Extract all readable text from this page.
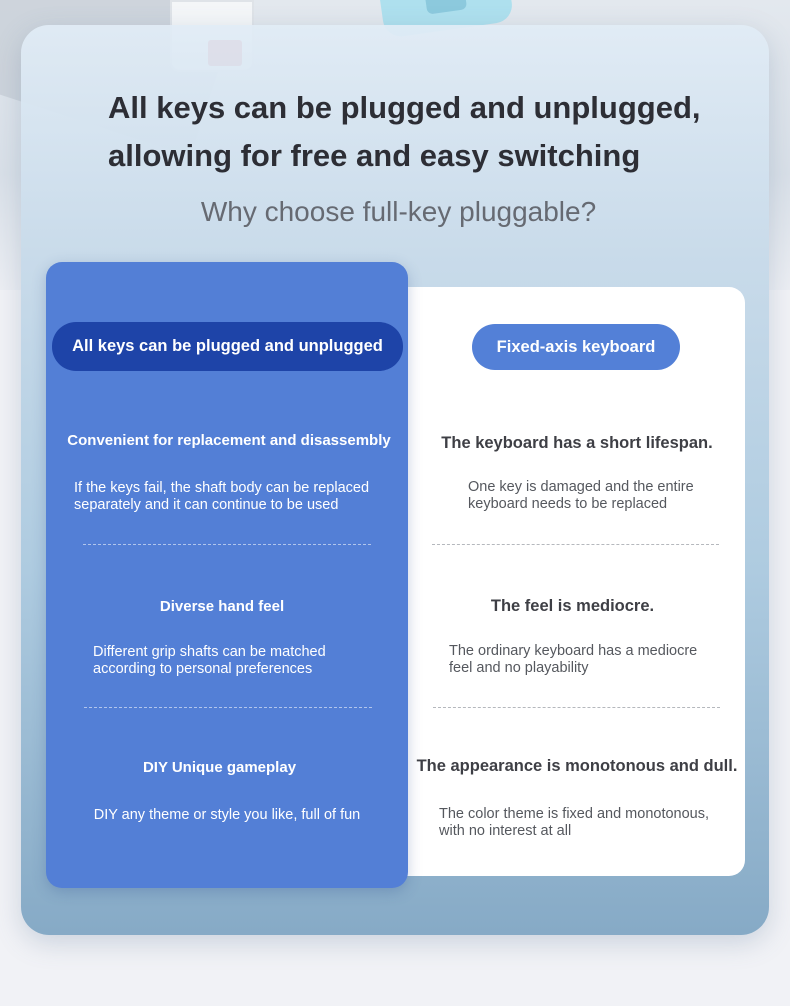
All keys can be plugged and unplugged,
allowing for free and easy switching
Why choose full-key pluggable?
All keys can be plugged and unplugged	Fixed-axis keyboard

Convenient for replacement and disassembly

If the keys fail, the shaft body can be replaced
separately and it can continue to be used

Diverse hand feel

Different grip shafts can be matched
according to personal preferences

DIY Unique gameplay

DIY any theme or style you like, full of fun

The keyboard has a short lifespan.

One key is damaged and the entire
keyboard needs to be replaced

The feel is mediocre.

The ordinary keyboard has a mediocre
feel and no playability

The appearance is monotonous and dull.

The color theme is fixed and monotonous,
with no interest at all
